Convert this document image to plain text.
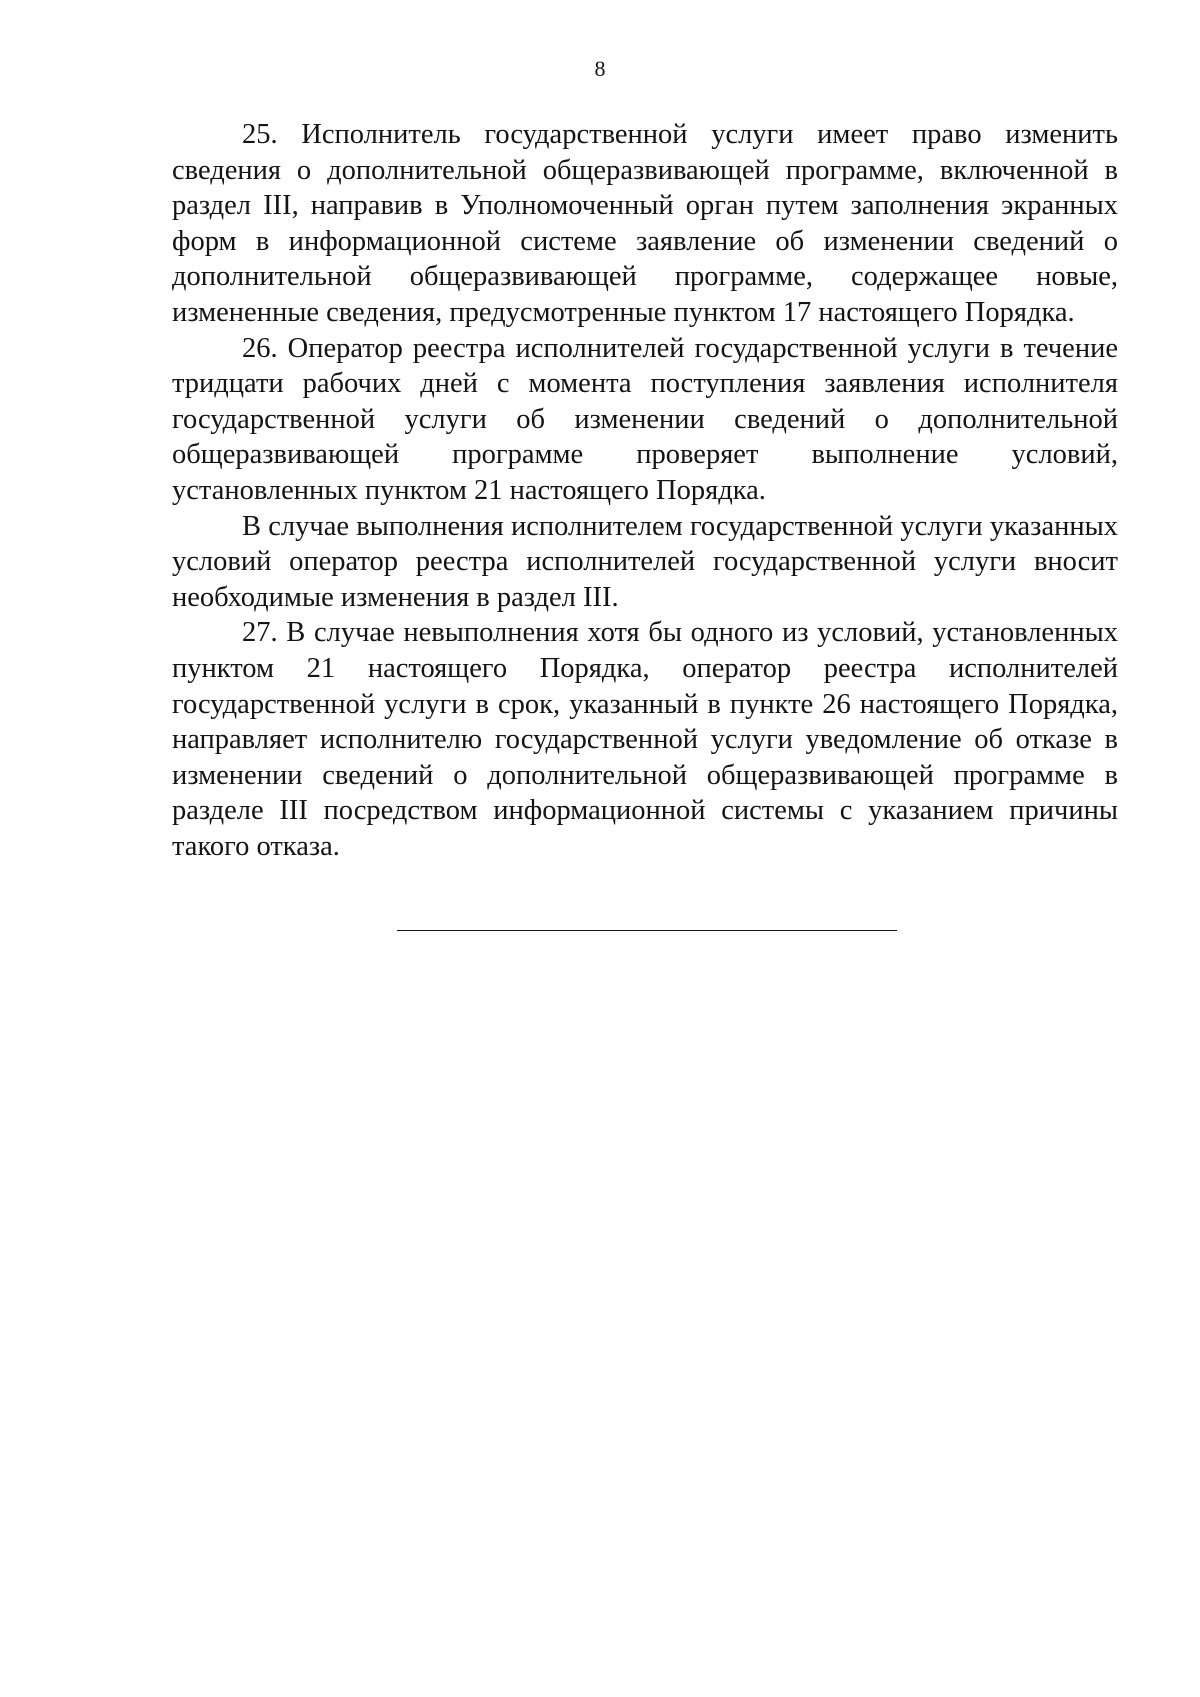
8

25. Исполнитель государственной услуги имеет право изменить сведения о дополнительной общеразвивающей программе, включенной в раздел III, направив в Уполномоченный орган путем заполнения экранных форм в информационной системе заявление об изменении сведений о дополнительной общеразвивающей программе, содержащее новые, измененные сведения, предусмотренные пунктом 17 настоящего Порядка.

26. Оператор реестра исполнителей государственной услуги в течение тридцати рабочих дней с момента поступления заявления исполнителя государственной услуги об изменении сведений о дополнительной общеразвивающей программе проверяет выполнение условий, установленных пунктом 21 настоящего Порядка.

В случае выполнения исполнителем государственной услуги указанных условий оператор реестра исполнителей государственной услуги вносит необходимые изменения в раздел III.

27. В случае невыполнения хотя бы одного из условий, установленных пунктом 21 настоящего Порядка, оператор реестра исполнителей государственной услуги в срок, указанный в пункте 26 настоящего Порядка, направляет исполнителю государственной услуги уведомление об отказе в изменении сведений о дополнительной общеразвивающей программе в разделе III посредством информационной системы с указанием причины такого отказа.
